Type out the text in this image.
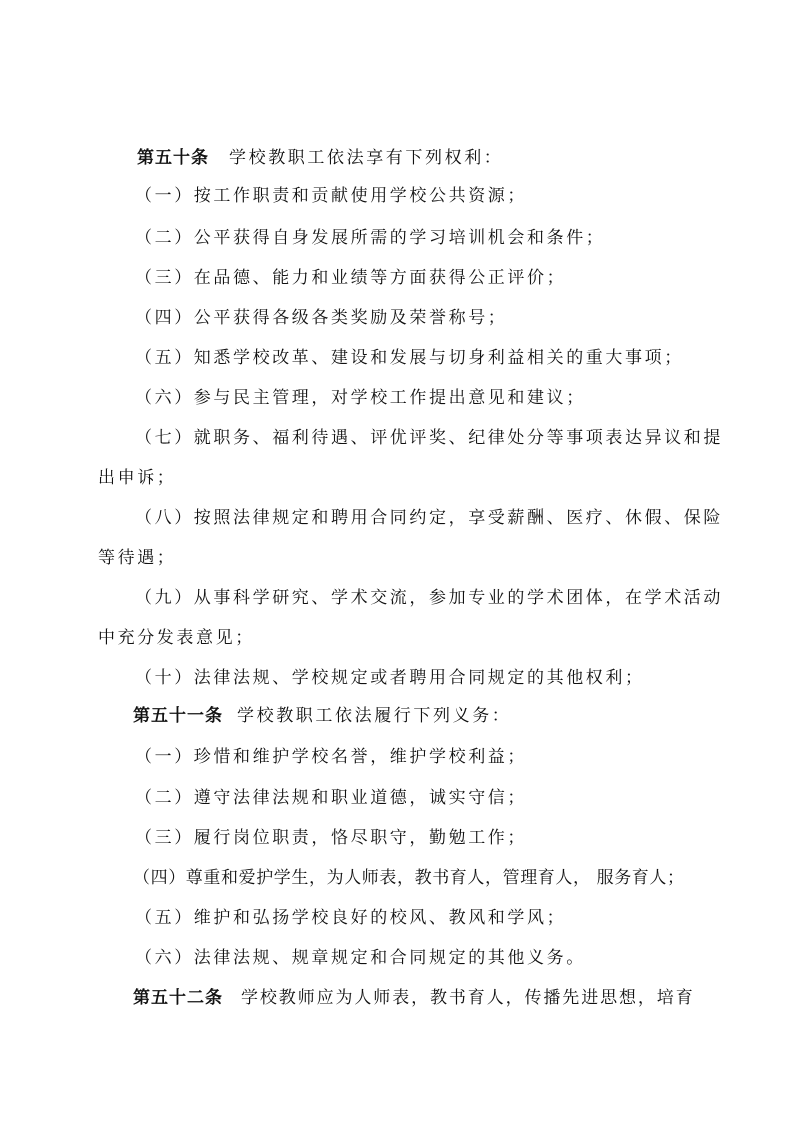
第五十条 学校教职工依法享有下列权利：
（一）按工作职责和贡献使用学校公共资源；
（二）公平获得自身发展所需的学习培训机会和条件；
（三）在品德、能力和业绩等方面获得公正评价；
（四）公平获得各级各类奖励及荣誉称号；
（五）知悉学校改革、建设和发展与切身利益相关的重大事项；
（六）参与民主管理，对学校工作提出意见和建议；
（七）就职务、福利待遇、评优评奖、纪律处分等事项表达异议和提
出申诉；
（八）按照法律规定和聘用合同约定，享受薪酬、医疗、休假、保险
等待遇；
（九）从事科学研究、学术交流，参加专业的学术团体，在学术活动
中充分发表意见；
（十）法律法规、学校规定或者聘用合同规定的其他权利；
第五十一条 学校教职工依法履行下列义务：
（一）珍惜和维护学校名誉，维护学校利益；
（二）遵守法律法规和职业道德，诚实守信；
（三）履行岗位职责，恪尽职守，勤勉工作；
（四）尊重和爱护学生，为人师表，教书育人，管理育人， 服务育人；
（五）维护和弘扬学校良好的校风、教风和学风；
（六）法律法规、规章规定和合同规定的其他义务。
第五十二条 学校教师应为人师表，教书育人，传播先进思想，培育
